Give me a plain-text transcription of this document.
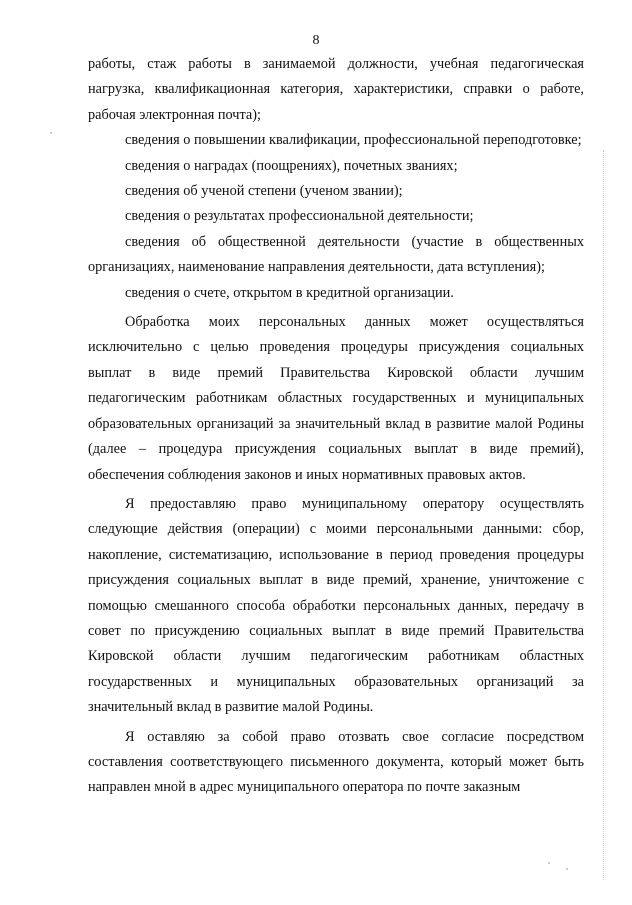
8

работы, стаж работы в занимаемой должности, учебная педагогическая нагрузка, квалификационная категория, характеристики, справки о работе, рабочая электронная почта);

сведения о повышении квалификации, профессиональной переподготовке;

сведения о наградах (поощрениях), почетных званиях;

сведения об ученой степени (ученом звании);

сведения о результатах профессиональной деятельности;

сведения об общественной деятельности (участие в общественных организациях, наименование направления деятельности, дата вступления);

сведения о счете, открытом в кредитной организации.

Обработка моих персональных данных может осуществляться исключительно с целью проведения процедуры присуждения социальных выплат в виде премий Правительства Кировской области лучшим педагогическим работникам областных государственных и муниципальных образовательных организаций за значительный вклад в развитие малой Родины (далее – процедура присуждения социальных выплат в виде премий), обеспечения соблюдения законов и иных нормативных правовых актов.

Я предоставляю право муниципальному оператору осуществлять следующие действия (операции) с моими персональными данными: сбор, накопление, систематизацию, использование в период проведения процедуры присуждения социальных выплат в виде премий, хранение, уничтожение с помощью смешанного способа обработки персональных данных, передачу в совет по присуждению социальных выплат в виде премий Правительства Кировской области лучшим педагогическим работникам областных государственных и муниципальных образовательных организаций за значительный вклад в развитие малой Родины.

Я оставляю за собой право отозвать свое согласие посредством составления соответствующего письменного документа, который может быть направлен мной в адрес муниципального оператора по почте заказным
